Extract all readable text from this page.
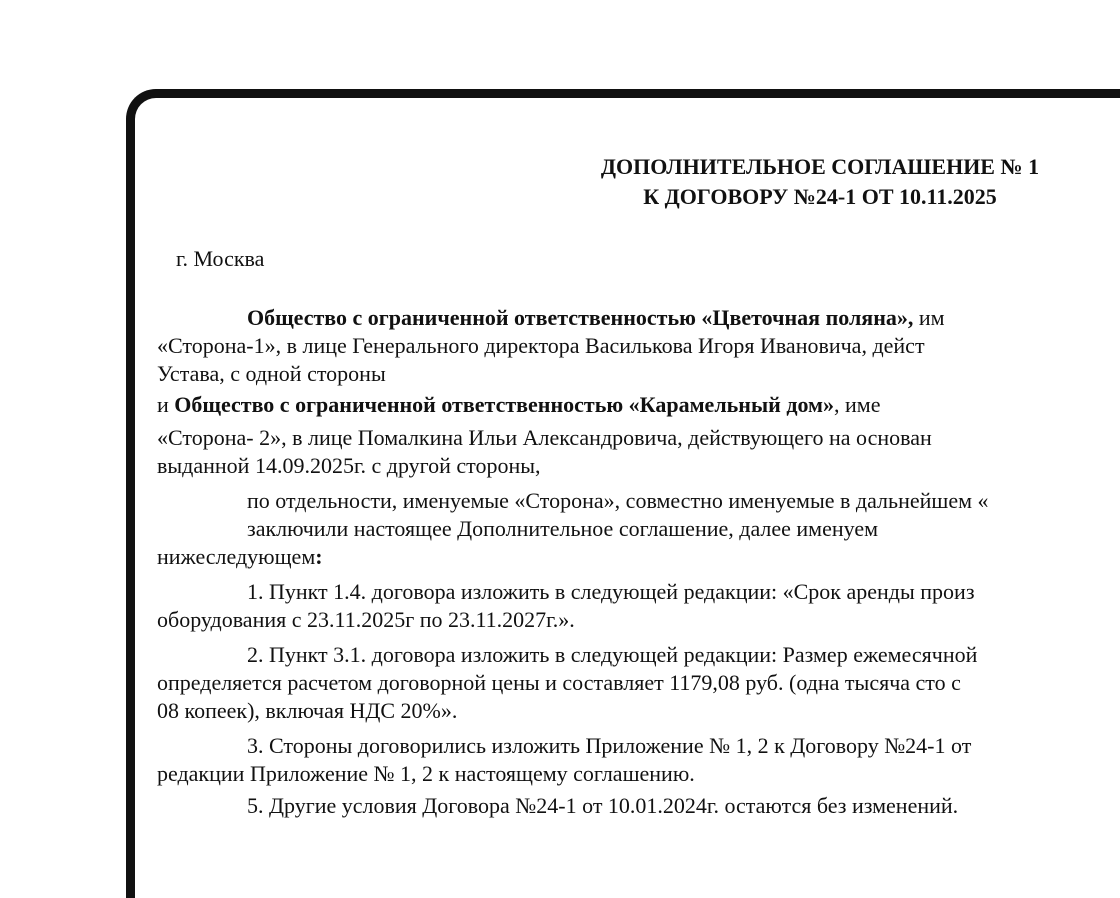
ДОПОЛНИТЕЛЬНОЕ СОГЛАШЕНИЕ № 1
К ДОГОВОРУ №24-1 ОТ 10.11.2025
г. Москва
Общество с ограниченной ответственностью «Цветочная поляна», им
«Сторона-1», в лице Генерального директора Василькова Игоря Ивановича, дейст
Устава, с одной стороны
и Общество с ограниченной ответственностью «Карамельный дом», име
«Сторона- 2», в лице Помалкина Ильи Александровича, действующего на основан
выданной 14.09.2025г. с другой стороны,
по отдельности, именуемые «Сторона», совместно именуемые в дальнейшем «
заключили настоящее Дополнительное соглашение, далее именуем
нижеследующем:
1. Пункт 1.4. договора изложить в следующей редакции: «Срок аренды произ
оборудования с 23.11.2025г по 23.11.2027г.».
2. Пункт 3.1. договора изложить в следующей редакции: Размер ежемесячной
определяется расчетом договорной цены и составляет 1179,08 руб. (одна тысяча сто с
08 копеек), включая НДС 20%».
3. Стороны договорились изложить Приложение № 1, 2 к Договору №24-1 от
редакции Приложение № 1, 2 к настоящему соглашению.
5. Другие условия Договора №24-1 от 10.01.2024г. остаются без изменений.
